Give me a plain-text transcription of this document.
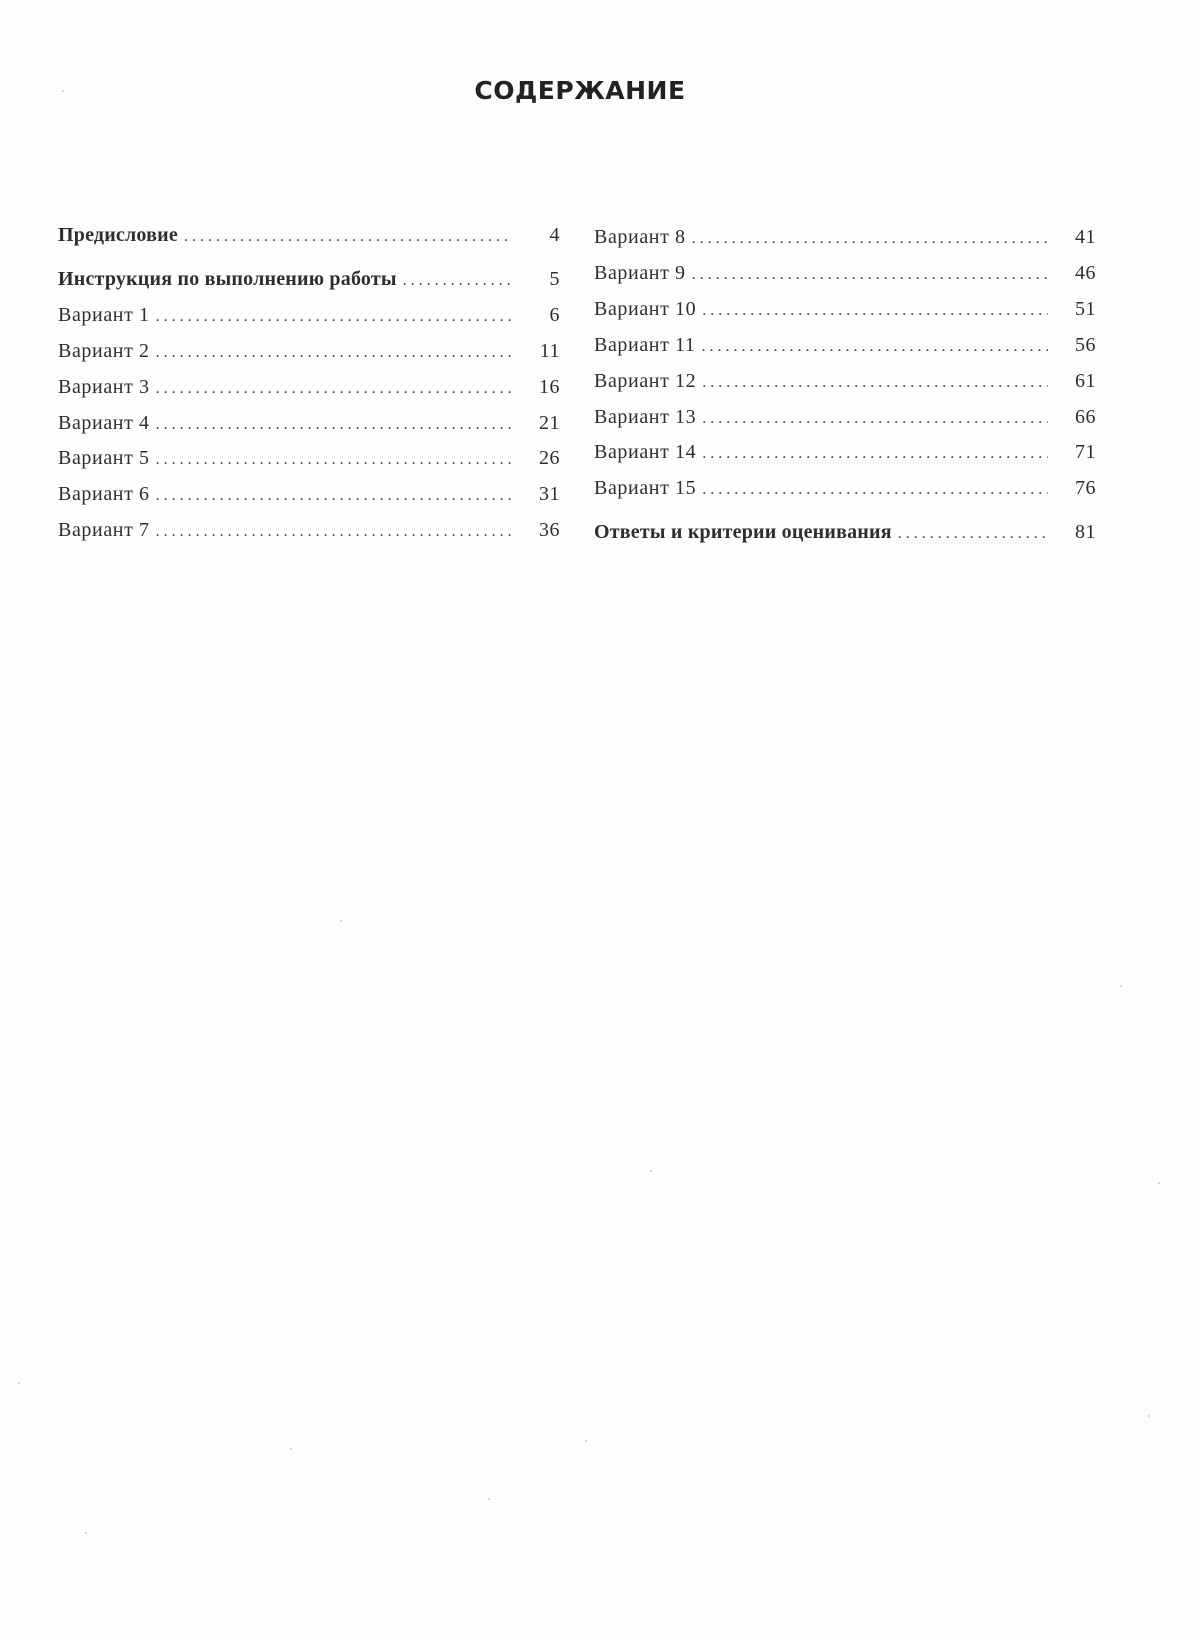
СОДЕРЖАНИЕ
Предисловие . . .	4
Инструкция по выполнению работы . . .	5
Вариант 1 . . .	6
Вариант 2 . . .	11
Вариант 3 . . .	16
Вариант 4 . . .	21
Вариант 5 . . .	26
Вариант 6 . . .	31
Вариант 7 . . .	36
Вариант 8 . . .	41
Вариант 9 . . .	46
Вариант 10 . . .	51
Вариант 11 . . .	56
Вариант 12 . . .	61
Вариант 13 . . .	66
Вариант 14 . . .	71
Вариант 15 . . .	76
Ответы и критерии оценивания . . .	81
